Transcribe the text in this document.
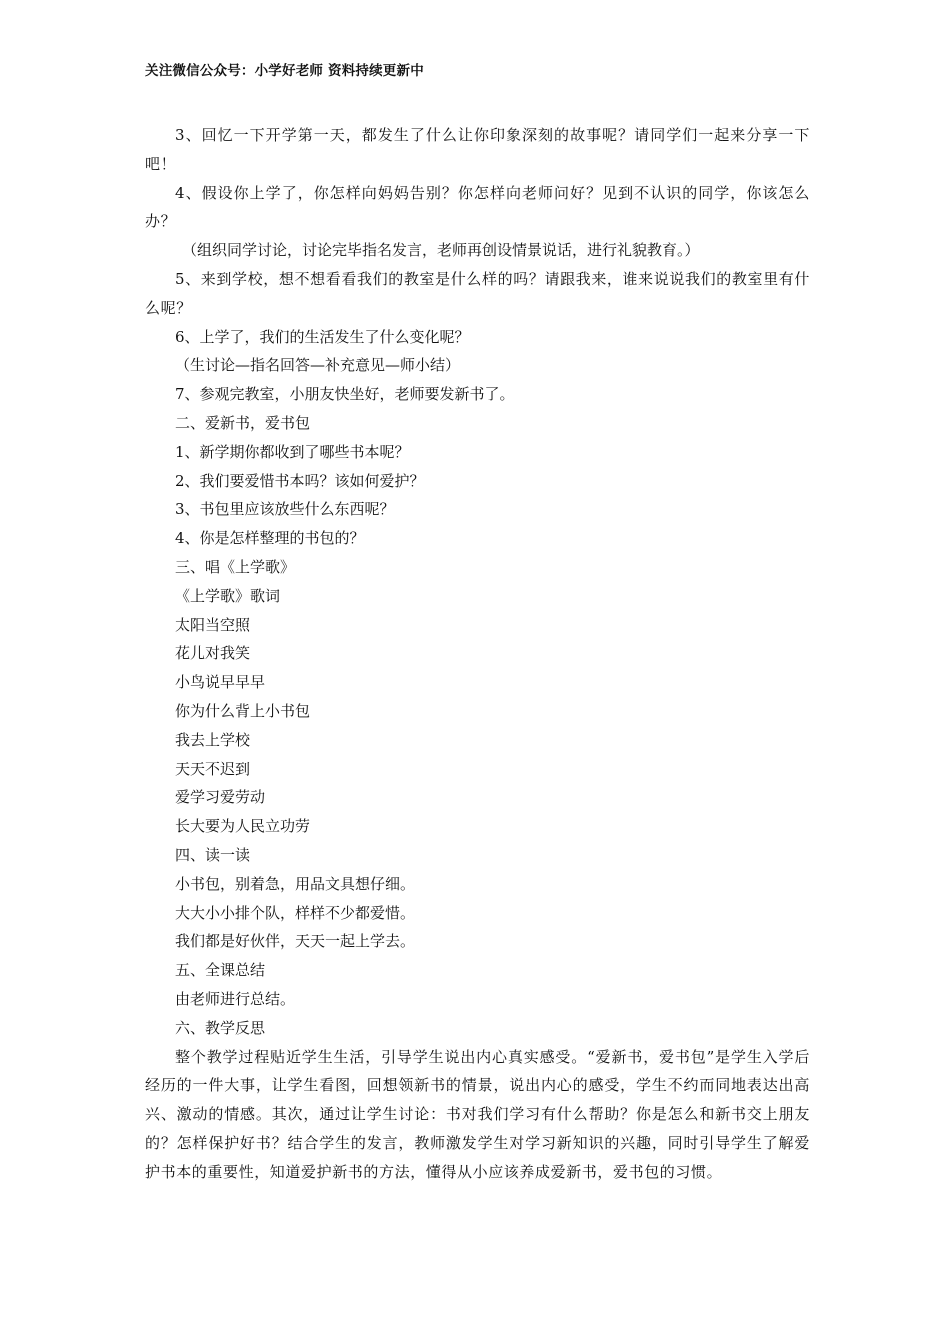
关注微信公众号：小学好老师 资料持续更新中
3、回忆一下开学第一天，都发生了什么让你印象深刻的故事呢？请同学们一起来分享一下吧！
4、假设你上学了，你怎样向妈妈告别？你怎样向老师问好？见到不认识的同学，你该怎么办？
（组织同学讨论，讨论完毕指名发言，老师再创设情景说话，进行礼貌教育。）
5、来到学校，想不想看看我们的教室是什么样的吗？请跟我来，谁来说说我们的教室里有什么呢？
6、上学了，我们的生活发生了什么变化呢？
（生讨论—指名回答—补充意见—师小结）
7、参观完教室，小朋友快坐好，老师要发新书了。
二、爱新书，爱书包
1、新学期你都收到了哪些书本呢？
2、我们要爱惜书本吗？该如何爱护？
3、书包里应该放些什么东西呢？
4、你是怎样整理的书包的？
三、唱《上学歌》
《上学歌》歌词
太阳当空照
花儿对我笑
小鸟说早早早
你为什么背上小书包
我去上学校
天天不迟到
爱学习爱劳动
长大要为人民立功劳
四、读一读
小书包，别着急，用品文具想仔细。
大大小小排个队，样样不少都爱惜。
我们都是好伙伴，天天一起上学去。
五、全课总结
由老师进行总结。
六、教学反思
整个教学过程贴近学生生活，引导学生说出内心真实感受。“爱新书，爱书包”是学生入学后经历的一件大事，让学生看图，回想领新书的情景，说出内心的感受，学生不约而同地表达出高兴、激动的情感。其次，通过让学生讨论：书对我们学习有什么帮助？你是怎么和新书交上朋友的？怎样保护好书？结合学生的发言，教师激发学生对学习新知识的兴趣，同时引导学生了解爱护书本的重要性，知道爱护新书的方法，懂得从小应该养成爱新书，爱书包的习惯。
